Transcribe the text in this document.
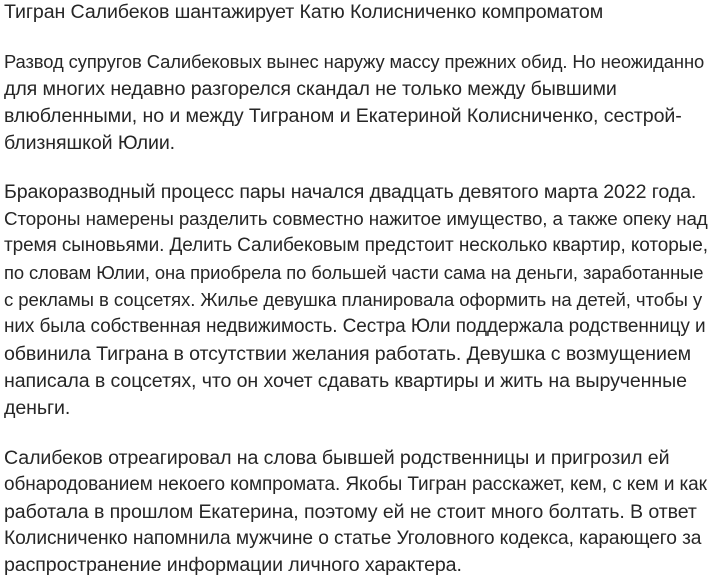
Тигран Салибеков шантажирует Катю Колисниченко компроматом
Развод супругов Салибековых вынес наружу массу прежних обид. Но неожиданно
для многих недавно разгорелся скандал не только между бывшими
влюбленными, но и между Тиграном и Екатериной Колисниченко, сестрой-
близняшкой Юлии.
Бракоразводный процесс пары начался двадцать девятого марта 2022 года.
Стороны намерены разделить совместно нажитое имущество, а также опеку над
тремя сыновьями. Делить Салибековым предстоит несколько квартир, которые,
по словам Юлии, она приобрела по большей части сама на деньги, заработанные
с рекламы в соцсетях. Жилье девушка планировала оформить на детей, чтобы у
них была собственная недвижимость. Сестра Юли поддержала родственницу и
обвинила Тиграна в отсутствии желания работать. Девушка с возмущением
написала в соцсетях, что он хочет сдавать квартиры и жить на вырученные
деньги.
Салибеков отреагировал на слова бывшей родственницы и пригрозил ей
обнародованием некоего компромата. Якобы Тигран расскажет, кем, с кем и как
работала в прошлом Екатерина, поэтому ей не стоит много болтать. В ответ
Колисниченко напомнила мужчине о статье Уголовного кодекса, карающего за
распространение информации личного характера.
